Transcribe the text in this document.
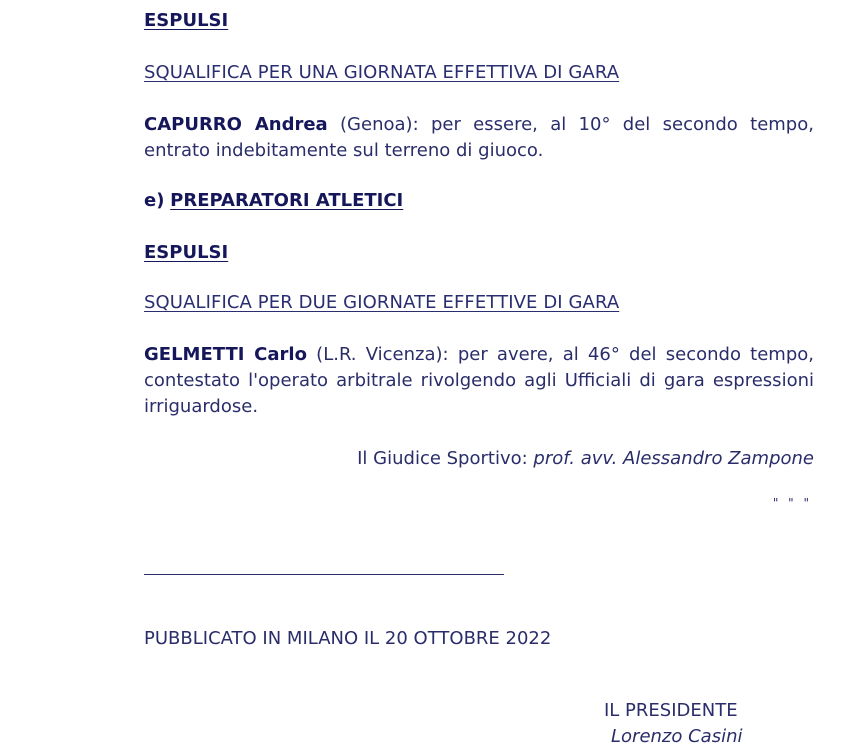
ESPULSI
SQUALIFICA PER UNA GIORNATA EFFETTIVA DI GARA
CAPURRO Andrea (Genoa): per essere, al 10° del secondo tempo, entrato indebitamente sul terreno di giuoco.
e) PREPARATORI ATLETICI
ESPULSI
SQUALIFICA PER DUE GIORNATE EFFETTIVE DI GARA
GELMETTI Carlo (L.R. Vicenza): per avere, al 46° del secondo tempo, contestato l'operato arbitrale rivolgendo agli Ufficiali di gara espressioni irriguardose.
Il Giudice Sportivo: prof. avv. Alessandro Zampone
" " "
PUBBLICATO IN MILANO IL 20 OTTOBRE 2022
IL PRESIDENTE
Lorenzo Casini
